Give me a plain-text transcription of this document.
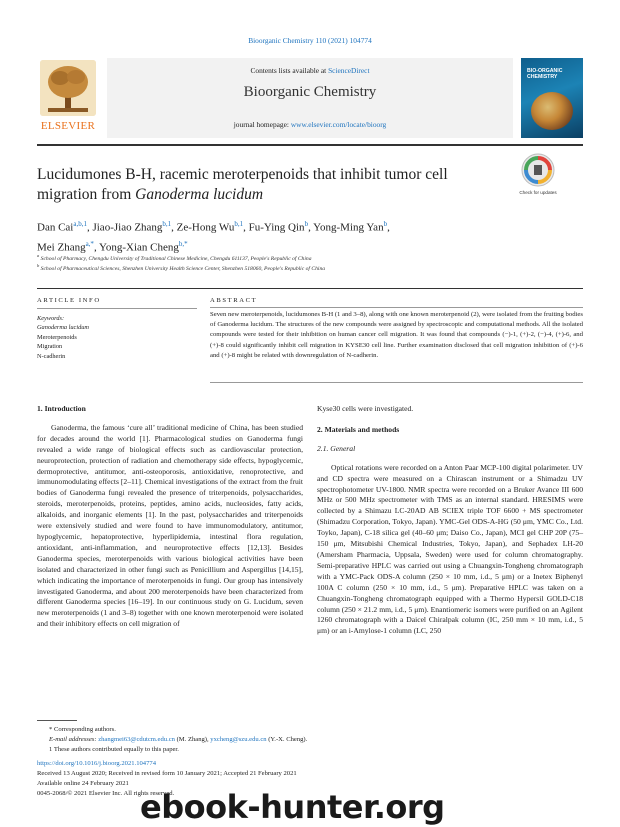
Bioorganic Chemistry 110 (2021) 104774
ELSEVIER
Contents lists available at ScienceDirect
Bioorganic Chemistry
journal homepage: www.elsevier.com/locate/bioorg
BIO-ORGANIC CHEMISTRY
Lucidumones B-H, racemic meroterpenoids that inhibit tumor cell
migration from Ganoderma lucidum	Check for updates
Dan Cai$^{a,b,1}$, Jiao-Jiao Zhang$^{b,1}$, Ze-Hong Wu$^{b,1}$, Fu-Ying Qin$^b$, Yong-Ming Yan$^b$,
Mei Zhang$^{a,*}$, Yong-Xian Cheng$^{b,*}$
$^a$ School of Pharmacy, Chengdu University of Traditional Chinese Medicine, Chengdu 611137, People's Republic of China
$^b$ School of Pharmaceutical Sciences, Shenzhen University Health Science Center, Shenzhen 518060, People's Republic of China
ARTICLE INFO	ABSTRACT
Keywords:
Ganoderma lucidum
Meroterpenoids
Migration
N-cadherin
Seven new meroterpenoids, lucidumones B-H (1 and 3–8), along with one known meroterpenoid (2), were isolated from the fruiting bodies of Ganoderma lucidum. The structures of the new compounds were assigned by spectroscopic and computational methods. All the isolated compounds were tested for their inhibition on human cancer cell migration. It was found that compounds (−)-1, (+)-2, (−)-4, (+)-6, and (+)-8 could significantly inhibit cell migration in KYSE30 cell line. Further examination disclosed that cell migration inhibition of (+)-6 and (+)-8 might be related with downregulation of N-cadherin.
1. Introduction
Ganoderma, the famous ‘cure all’ traditional medicine of China, has been studied for decades around the world [1]. Pharmacological studies on Ganoderma fungi revealed a wide range of biological effects such as cardiovascular protection, neuroprotection, protection of radiation and chemotherapy side effects, hypoglycemic, dermoprotective, antitumor, anti-osteoporosis, antioxidative, renoprotective, and immunomodulating effects [2–11]. Chemical investigations of the extract from the fruit bodies of Ganoderma fungi revealed the presence of triterpenoids, polysaccharides, steroids, meroterpenoids, proteins, peptides, amino acids, nucleosides, fatty acids, alkaloids, and inorganic elements [1]. In the past, polysaccharides and triterpenoids were extensively studied and were found to have immunomodulatory, antitumor, hypoglycemic, hepatoprotective, hyperlipidemia, intestinal flora regulation, antioxidant, anti-inflammation, and neuroprotective effects [12,13]. Besides Ganoderma species, meroterpenoids with various biological activities have been isolated and characterized in other fungi such as Penicillium and Aspergillus [14,15], which indicating the importance of meroterpenoids in fungi. Our group has intensively investigated Ganoderma, and about 200 meroterpenoids have been characterized from different Ganoderma species [16–19]. In our continuous study on G. Lucidum, seven new meroterpenoids (1 and 3–8) together with one known meroterpenoid were isolated and their inhibitory effects on cell migration of
Kyse30 cells were investigated.
2. Materials and methods
2.1. General
Optical rotations were recorded on a Anton Paar MCP-100 digital polarimeter. UV and CD spectra were measured on a Chirascan instrument or a Shimadzu UV spectrophotometer UV-1800. NMR spectra were recorded on a Bruker Avance III 600 MHz or 500 MHz spectrometer with TMS as an internal standard. HRESIMS were collected by a Shimazu LC-20AD AB SCIEX triple TOF 6600 + MS spectrometer (Shimadzu Corporation, Tokyo, Japan). YMC-Gel ODS-A-HG (50 μm, YMC Co., Ltd. Toyko, Japan), C-18 silica gel (40–60 μm; Daiso Co., Japan), MCI gel CHP 20P (75–150 μm, Mitsubishi Chemical Industries, Tokyo, Japan), and Sephadex LH-20 (Amersham Pharmacia, Uppsala, Sweden) were used for column chromatography. Semi-preparative HPLC was carried out using a Chuangxin-Tongheng chromatograph with a YMC-Pack ODS-A column (250 × 10 mm, i.d., 5 μm) or a Inetex Biphenyl 100A C column (250 × 10 mm, i.d., 5 μm). Preparative HPLC was taken on a Chuangxin-Tongheng chromatograph equipped with a Thermo Hypersil GOLD-C18 column (250 × 21.2 mm, i.d., 5 μm). Enantiomeric isomers were purified on an Agilent 1260 chromatograph with a Daicel Chiralpak column (IC, 250 mm × 10 mm, i.d., 5 μm) or an i-Amylose-1 column (LC, 250
* Corresponding authors.
E-mail addresses: zhangmei63@cdutcm.edu.cn (M. Zhang), yxcheng@szu.edu.cn (Y.-X. Cheng).
1 These authors contributed equally to this paper.
https://doi.org/10.1016/j.bioorg.2021.104774
Received 13 August 2020; Received in revised form 10 January 2021; Accepted 21 February 2021
Available online 24 February 2021
0045-2068/© 2021 Elsevier Inc. All rights reserved.
ebook-hunter.org
